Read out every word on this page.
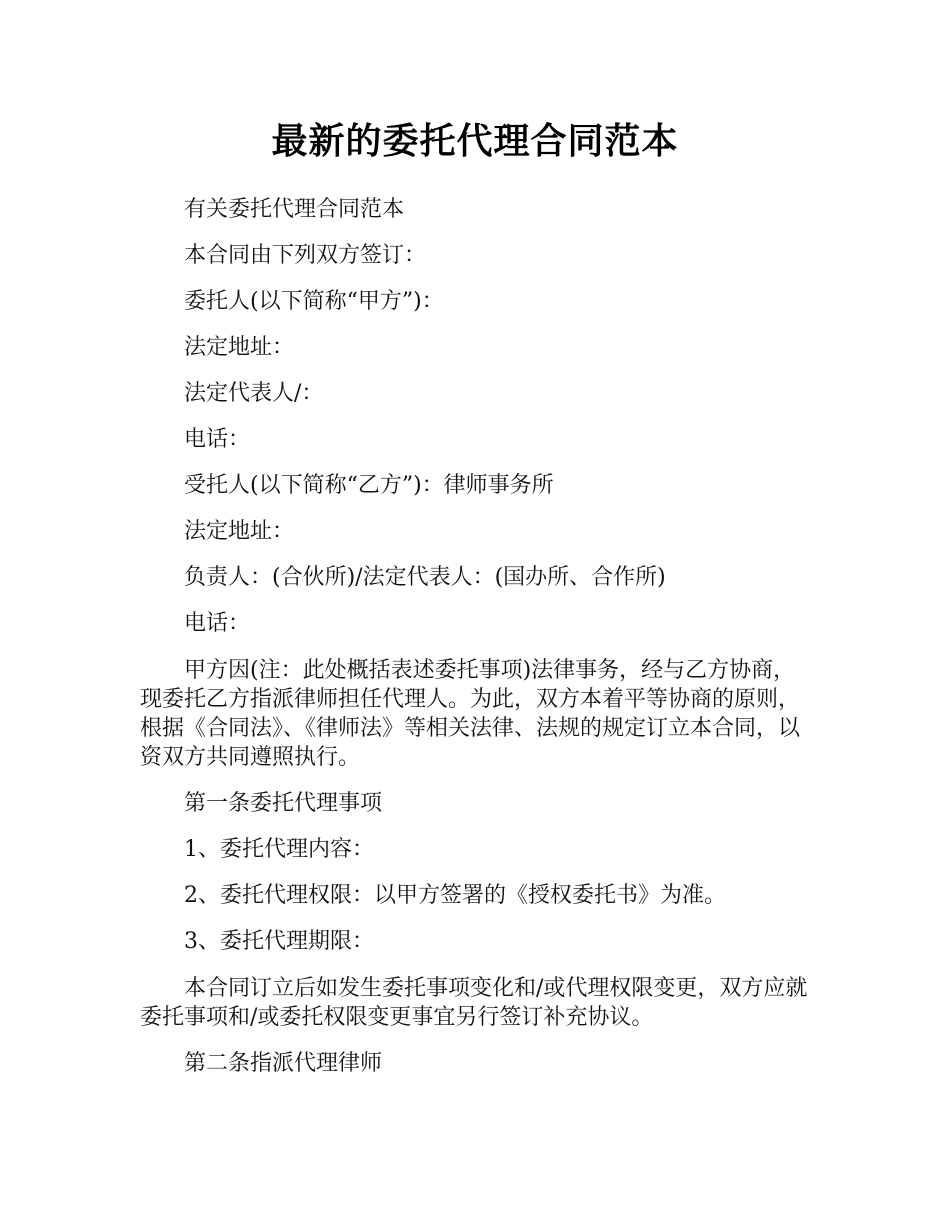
最新的委托代理合同范本

有关委托代理合同范本

本合同由下列双方签订：

委托人(以下简称“甲方”)：

法定地址：

法定代表人/：

电话：

受托人(以下简称“乙方”)：律师事务所

法定地址：

负责人：(合伙所)/法定代表人：(国办所、合作所)

电话：

甲方因(注：此处概括表述委托事项)法律事务，经与乙方协商，现委托乙方指派律师担任代理人。为此，双方本着平等协商的原则，根据《合同法》、《律师法》等相关法律、法规的规定订立本合同，以资双方共同遵照执行。

第一条委托代理事项

1、委托代理内容：

2、委托代理权限：以甲方签署的《授权委托书》为准。

3、委托代理期限：

本合同订立后如发生委托事项变化和/或代理权限变更，双方应就委托事项和/或委托权限变更事宜另行签订补充协议。

第二条指派代理律师
